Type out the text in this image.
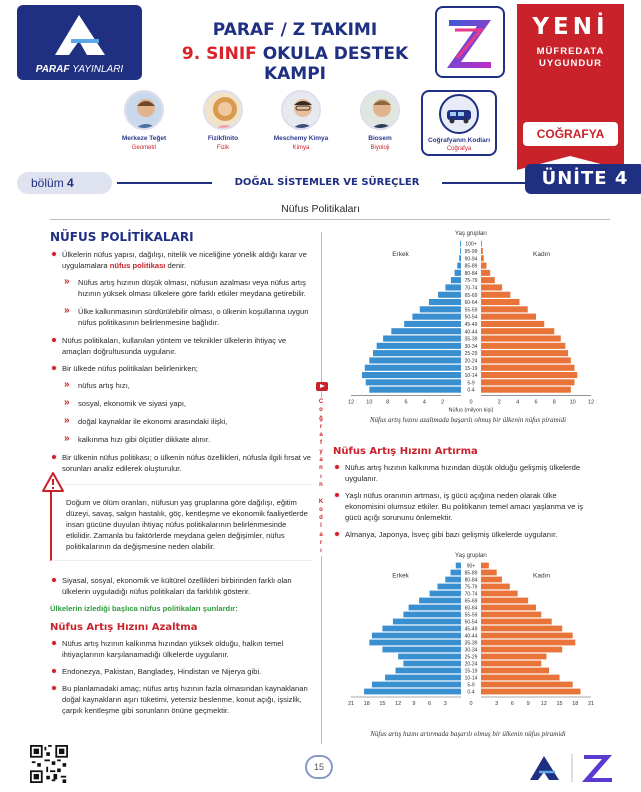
PARAF YAYINLARI
PARAF / Z TAKIMI
9. SINIF OKULA DESTEK KAMPI
YENİ
MÜFREDATA
UYGUNDUR
COĞRAFYA
Merkeze Teğet
Geometri
Fizikfinito
Fizik
Meschemy Kimya
Kimya
Biosem
Biyoloji
Coğrafyanın Kodları
Coğrafya
bölüm 4	DOĞAL SİSTEMLER VE SÜREÇLER	ÜNİTE 4
Nüfus Politikaları
NÜFUS POLİTİKALARI
Ülkelerin nüfus yapısı, dağılışı, nitelik ve niceliğine yönelik aldığı karar ve uygulamalara nüfus politikası denir.
» Nüfus artış hızının düşük olması, nüfusun azalması veya nüfus artış hızının yüksek olması ülkelere göre farklı etkiler meydana getirebilir.
» Ülke kalkınmasının sürdürülebilir olması, o ülkenin koşullarına uygun nüfus politikasının belirlenmesine bağlıdır.
Nüfus politikaları, kullanılan yöntem ve teknikler ülkelerin ihtiyaç ve amaçları doğrultusunda uygulanır.
Bir ülkede nüfus politikaları belirlenirken;
» nüfus artış hızı,
» sosyal, ekonomik ve siyasi yapı,
» doğal kaynaklar ile ekonomi arasındaki ilişki,
» kalkınma hızı gibi ölçütler dikkate alınır.
Bir ülkenin nüfus politikası; o ülkenin nüfus özellikleri, nüfusla ilgili fırsat ve sorunları analiz edilerek oluşturulur.
Doğum ve ölüm oranları, nüfusun yaş gruplarına göre dağılışı, eğitim düzeyi, savaş, salgın hastalık, göç, kentleşme ve ekonomik faaliyetlerde insan gücüne duyulan ihtiyaç nüfus politikalarının belirlenmesinde etkilidir. Zamanla bu faktörlerde meydana gelen değişimler, nüfus politikalarının da değişmesine neden olabilir.
Siyasal, sosyal, ekonomik ve kültürel özellikleri birbirinden farklı olan ülkelerin uyguladığı nüfus politikaları da farklılık gösterir.
Ülkelerin izlediği başlıca nüfus politikaları şunlardır:
Nüfus Artış Hızını Azaltma
Nüfus artış hızının kalkınma hızından yüksek olduğu, halkın temel ihtiyaçlarının karşılanamadığı ülkelerde uygulanır.
Endonezya, Pakistan, Bangladeş, Hindistan ve Nijerya gibi.
Bu planlamadaki amaç; nüfus artış hızının fazla olmasından kaynaklanan doğal kaynakların aşırı tüketimi, yetersiz beslenme, konut açığı, işsizlik, çarpık kentleşme gibi sorunların önüne geçmektir.
C
o
ğ
r
a
f
y
a
n
ı
n

K
o
d
l
a
r
ı
Yaş grupları
Erkek	Kadın
100+
95-99
90-94
85-89
80-84
75-79
70-74
65-69
60-64
55-59
50-54
45-49
40-44
35-39
30-34
25-29
20-24
15-19
10-14
5-9
0-4
12 10 8	6	4	2	0	2	4	6	8 10 12
Nüfus (milyon kişi)
Nüfus artış hızını azaltmada başarılı olmuş bir ülkenin nüfus piramidi
Nüfus Artış Hızını Artırma
Nüfus artış hızının kalkınma hızından düşük olduğu gelişmiş ülkelerde uygulanır.
Yaşlı nüfus oranının artması, iş gücü açığına neden olarak ülke ekonomisini olumsuz etkiler. Bu politikanın temel amacı yaşlanma ve iş gücü açığı sorununu önlemektir.
Almanya, Japonya, İsveç gibi bazı gelişmiş ülkelerde uygulanır.
Yaş grupları
Erkek	Kadın
90+
85-89
80-84
75-79
70-74
65-69
60-64
55-59
50-54
45-49
40-44
35-39
30-34
25-29
20-24
15-19
10-14
5-9
0-4
21 18 15 12 9 6 3	0	3 6 9 12 15 18 21
Nüfus artış hızını artırmada başarılı olmuş bir ülkenin nüfus piramidi
15
